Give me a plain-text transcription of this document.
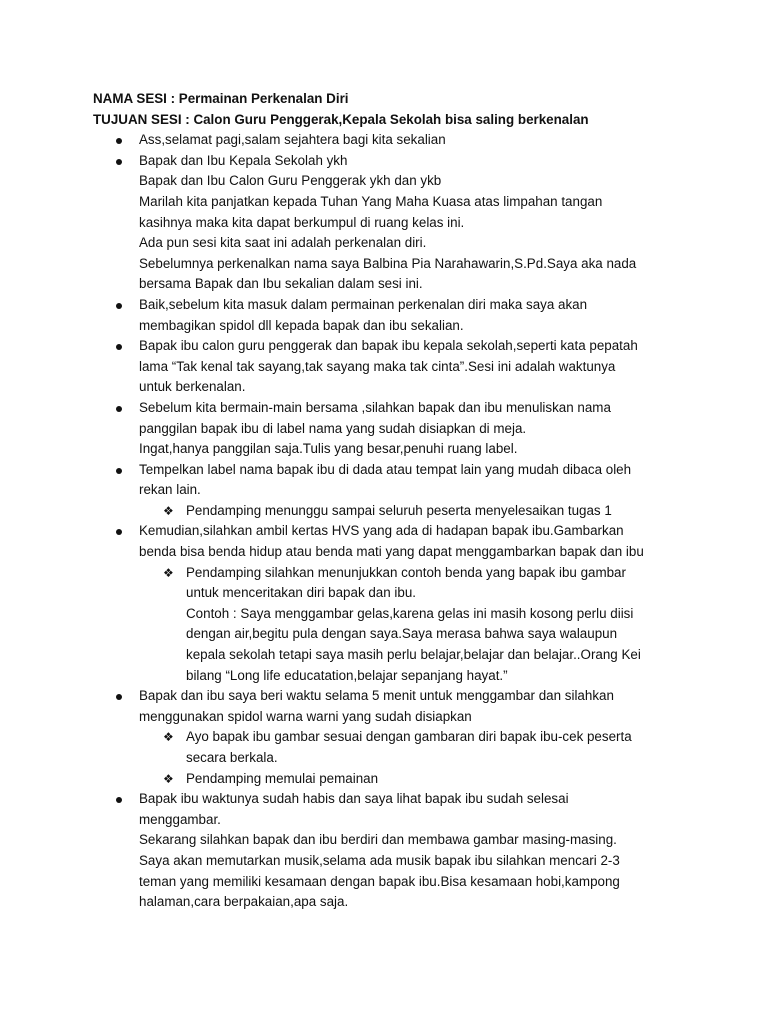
NAMA SESI : Permainan Perkenalan Diri

TUJUAN SESI : Calon Guru Penggerak,Kepala Sekolah bisa saling berkenalan

Ass,selamat pagi,salam sejahtera bagi kita sekalian
Bapak dan Ibu Kepala Sekolah ykh
Bapak dan Ibu Calon Guru Penggerak ykh dan ykb
Marilah kita panjatkan kepada Tuhan Yang Maha Kuasa atas limpahan tangan
kasihnya maka kita dapat berkumpul di ruang kelas ini.
Ada pun sesi kita saat ini adalah perkenalan diri.
Sebelumnya perkenalkan nama saya Balbina Pia Narahawarin,S.Pd.Saya aka nada
bersama Bapak dan Ibu sekalian dalam sesi ini.
Baik,sebelum kita masuk dalam permainan perkenalan diri maka saya akan
membagikan spidol dll kepada bapak dan ibu sekalian.
Bapak ibu calon guru penggerak dan bapak ibu kepala sekolah,seperti kata pepatah
lama “Tak kenal tak sayang,tak sayang maka tak cinta”.Sesi ini adalah waktunya
untuk berkenalan.
Sebelum kita bermain-main bersama ,silahkan bapak dan ibu menuliskan nama
panggilan bapak ibu di label nama yang sudah disiapkan di meja.
Ingat,hanya panggilan saja.Tulis yang besar,penuhi ruang label.
Tempelkan label nama bapak ibu di dada atau tempat lain yang mudah dibaca oleh
rekan lain.
❖ Pendamping menunggu sampai seluruh peserta menyelesaikan tugas 1
Kemudian,silahkan ambil kertas HVS yang ada di hadapan bapak ibu.Gambarkan
benda bisa benda hidup atau benda mati yang dapat menggambarkan bapak dan ibu
❖ Pendamping silahkan menunjukkan contoh benda yang bapak ibu gambar
untuk menceritakan diri bapak dan ibu.
Contoh : Saya menggambar gelas,karena gelas ini masih kosong perlu diisi
dengan air,begitu pula dengan saya.Saya merasa bahwa saya walaupun
kepala sekolah tetapi saya masih perlu belajar,belajar dan belajar..Orang Kei
bilang “Long life educatation,belajar sepanjang hayat.”
Bapak dan ibu saya beri waktu selama 5 menit untuk menggambar dan silahkan
menggunakan spidol warna warni yang sudah disiapkan
❖ Ayo bapak ibu gambar sesuai dengan gambaran diri bapak ibu-cek peserta
secara berkala.
❖ Pendamping memulai pemainan
Bapak ibu waktunya sudah habis dan saya lihat bapak ibu sudah selesai
menggambar.
Sekarang silahkan bapak dan ibu berdiri dan membawa gambar masing-masing.
Saya akan memutarkan musik,selama ada musik bapak ibu silahkan mencari 2-3
teman yang memiliki kesamaan dengan bapak ibu.Bisa kesamaan hobi,kampong
halaman,cara berpakaian,apa saja.
